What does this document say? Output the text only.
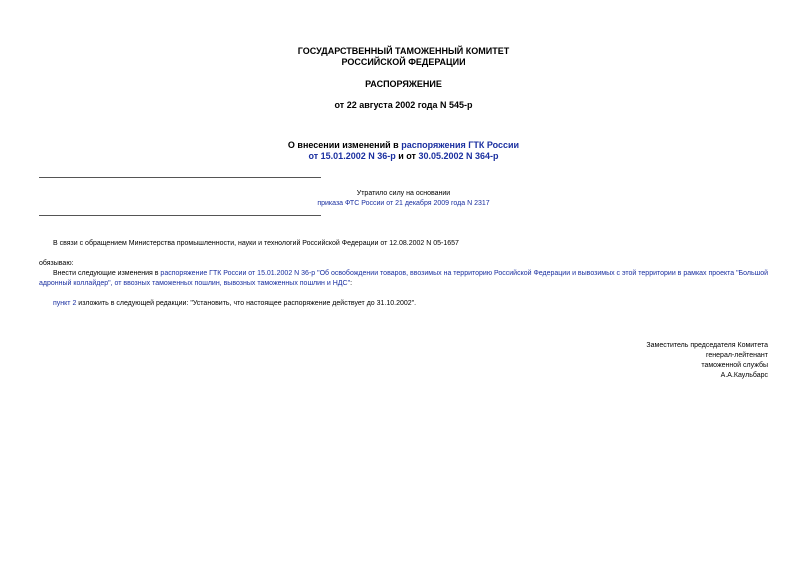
ГОСУДАРСТВЕННЫЙ ТАМОЖЕННЫЙ КОМИТЕТ
РОССИЙСКОЙ ФЕДЕРАЦИИ
РАСПОРЯЖЕНИЕ
от 22 августа 2002 года N 545-р
О внесении изменений в распоряжения ГТК России
от 15.01.2002 N 36-р и от 30.05.2002 N 364-р
Утратило силу на основании
приказа ФТС России от 21 декабря 2009 года N 2317
В связи с обращением Министерства промышленности, науки и технологий Российской Федерации от 12.08.2002 N 05-1657
обязываю:
Внести следующие изменения в распоряжение ГТК России от 15.01.2002 N 36-р "Об освобождении товаров, ввозимых на территорию Российской Федерации и вывозимых с этой территории в рамках проекта "Большой адронный коллайдер", от ввозных таможенных пошлин, вывозных таможенных пошлин и НДС":
пункт 2 изложить в следующей редакции: "Установить, что настоящее распоряжение действует до 31.10.2002".
Заместитель председателя Комитета
генерал-лейтенант
таможенной службы
А.А.Каульбарс
